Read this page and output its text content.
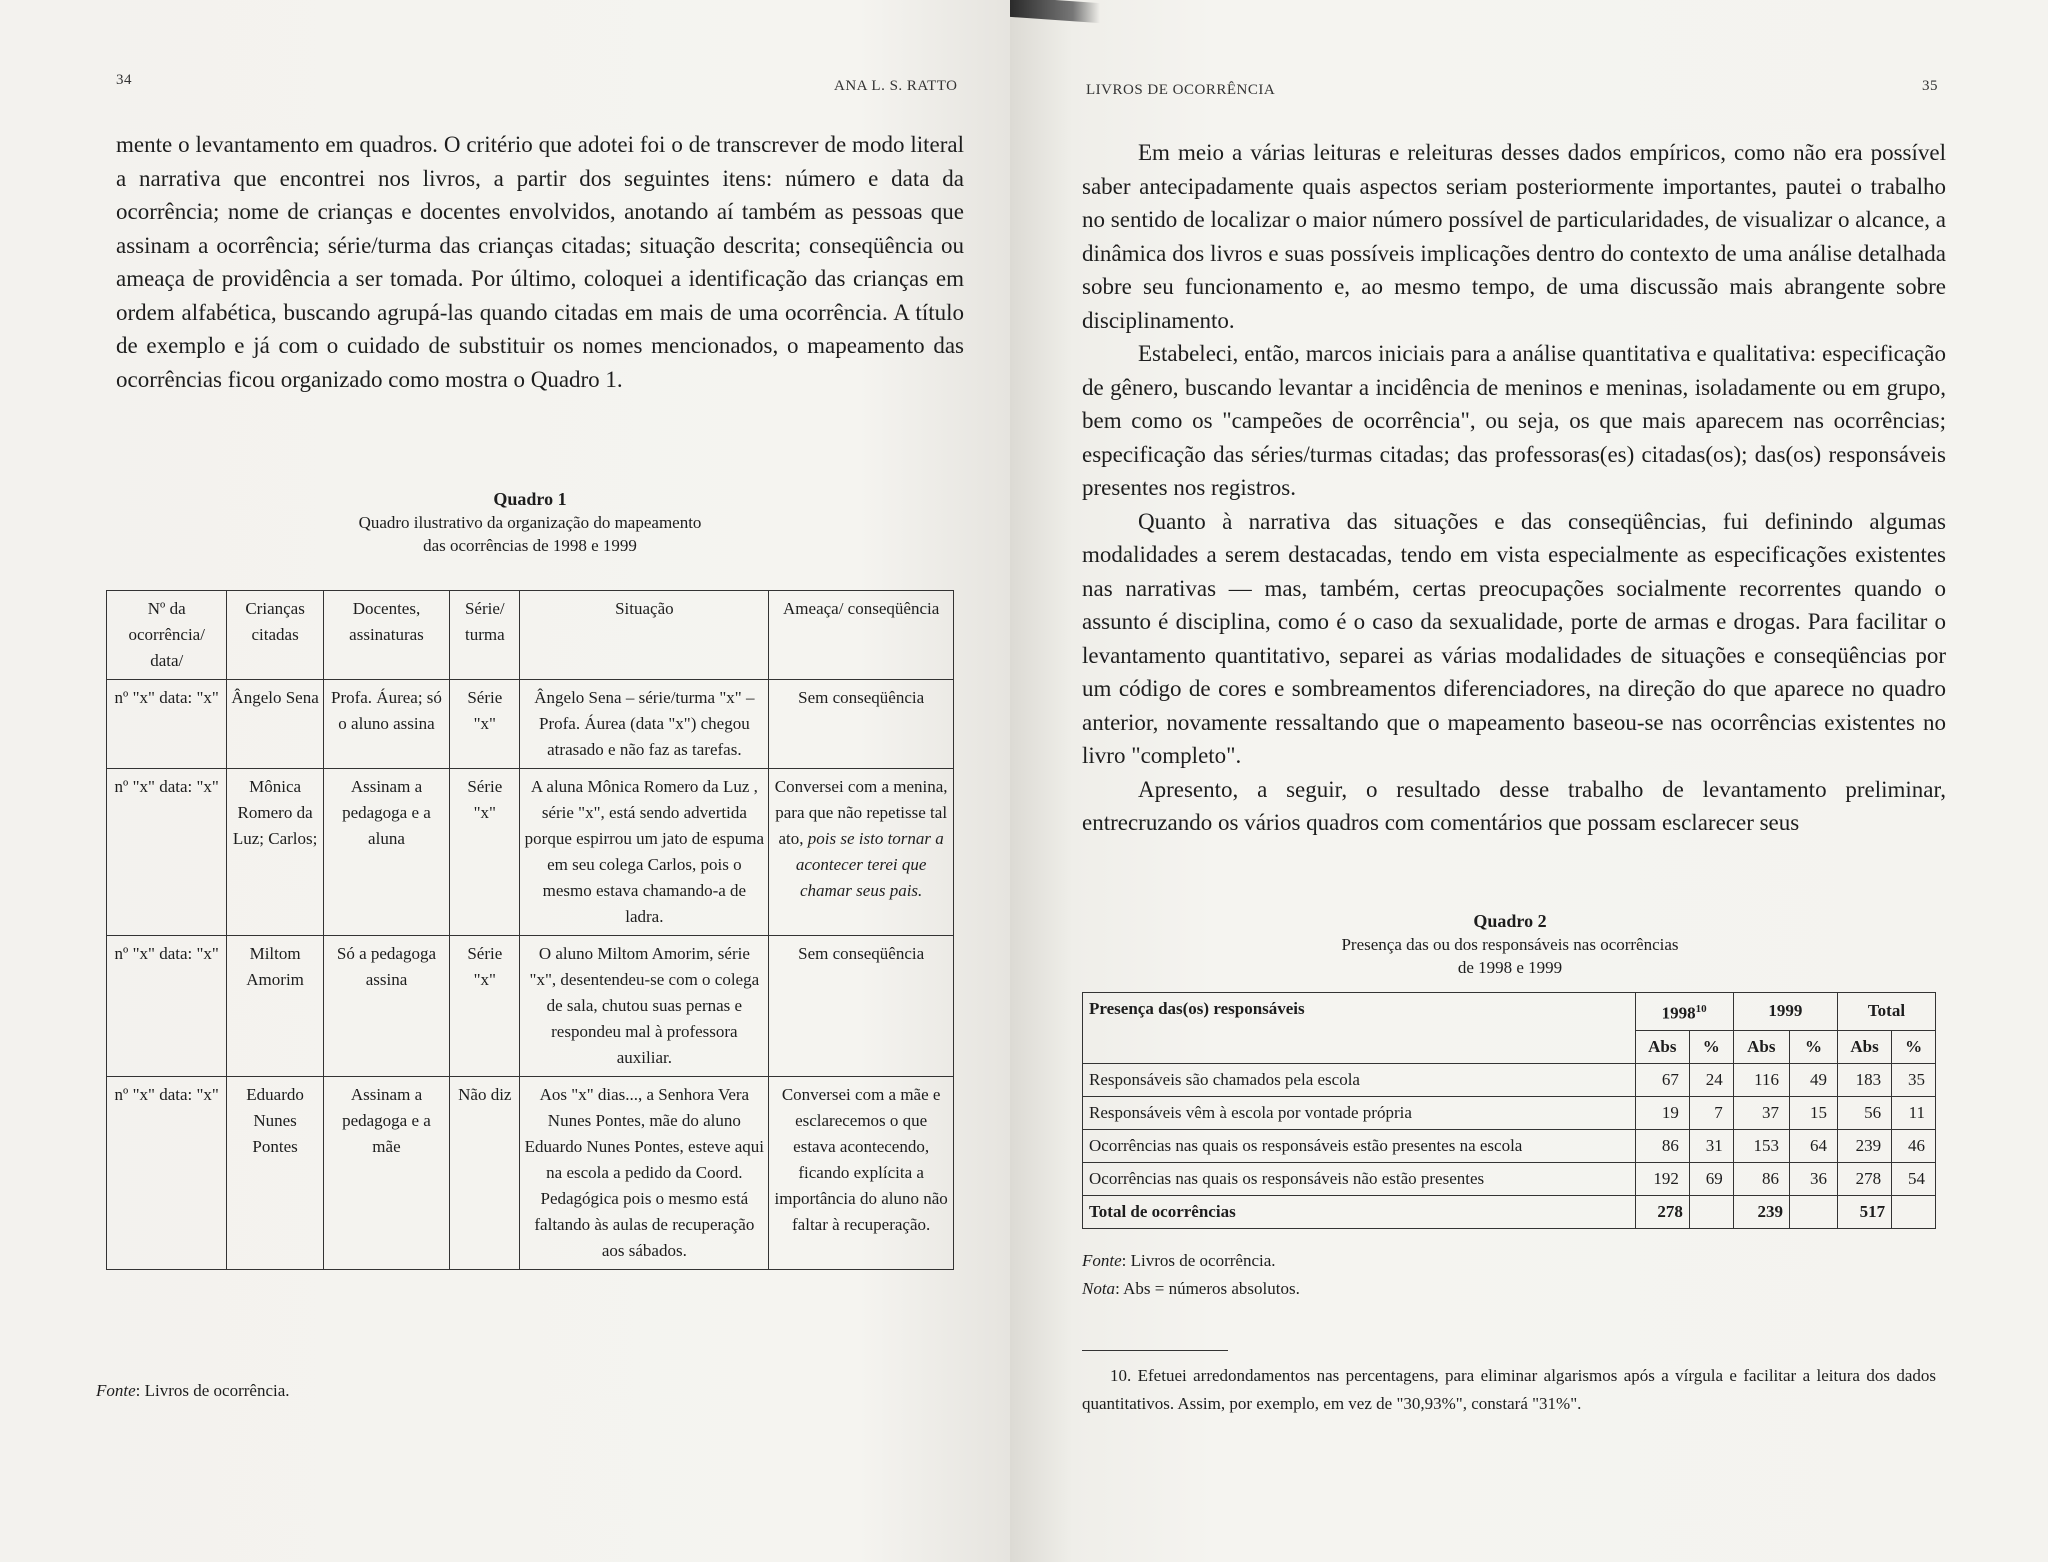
34	ANA L. S. RATTO

mente o levantamento em quadros. O critério que adotei foi o de transcrever de modo literal a narrativa que encontrei nos livros, a partir dos seguintes itens: número e data da ocorrência; nome de crianças e docentes envolvidos, anotando aí também as pessoas que assinam a ocorrência; série/turma das crianças citadas; situação descrita; conseqüência ou ameaça de providência a ser tomada. Por último, coloquei a identificação das crianças em ordem alfabética, buscando agrupá-las quando citadas em mais de uma ocorrência. A título de exemplo e já com o cuidado de substituir os nomes mencionados, o mapeamento das ocorrências ficou organizado como mostra o Quadro 1.

Quadro 1
Quadro ilustrativo da organização do mapeamento
das ocorrências de 1998 e 1999
Nº da ocorrência/ data/	Crianças citadas	Docentes, assinaturas	Série/ turma	Situação	Ameaça/ conseqüência
nº "x" data: "x"	Ângelo Sena	Profa. Áurea; só o aluno assina	Série "x"	Ângelo Sena – série/turma "x" – Profa. Áurea (data "x") chegou atrasado e não faz as tarefas.	Sem conseqüência
nº "x" data: "x"	Mônica Romero da Luz; Carlos;	Assinam a pedagoga e a aluna	Série "x"	A aluna Mônica Romero da Luz , série "x", está sendo advertida porque espirrou um jato de espuma em seu colega Carlos, pois o mesmo estava chamando-a de ladra.	Conversei com a menina, para que não repetisse tal ato, pois se isto tornar a acontecer terei que chamar seus pais.
nº "x" data: "x"	Miltom Amorim	Só a pedagoga assina	Série "x"	O aluno Miltom Amorim, série "x", desentendeu-se com o colega de sala, chutou suas pernas e respondeu mal à professora auxiliar.	Sem conseqüência
nº "x" data: "x"	Eduardo Nunes Pontes	Assinam a pedagoga e a mãe	Não diz	Aos "x" dias..., a Senhora Vera Nunes Pontes, mãe do aluno Eduardo Nunes Pontes, esteve aqui na escola a pedido da Coord. Pedagógica pois o mesmo está faltando às aulas de recuperação aos sábados.	Conversei com a mãe e esclarecemos o que estava acontecendo, ficando explícita a importância do aluno não faltar à recuperação.
Fonte: Livros de ocorrência.
LIVROS DE OCORRÊNCIA	35

Em meio a várias leituras e releituras desses dados empíricos, como não era possível saber antecipadamente quais aspectos seriam posteriormente importantes, pautei o trabalho no sentido de localizar o maior número possível de particularidades, de visualizar o alcance, a dinâmica dos livros e suas possíveis implicações dentro do contexto de uma análise detalhada sobre seu funcionamento e, ao mesmo tempo, de uma discussão mais abrangente sobre disciplinamento.

Estabeleci, então, marcos iniciais para a análise quantitativa e qualitativa: especificação de gênero, buscando levantar a incidência de meninos e meninas, isoladamente ou em grupo, bem como os "campeões de ocorrência", ou seja, os que mais aparecem nas ocorrências; especificação das séries/turmas citadas; das professoras(es) citadas(os); das(os) responsáveis presentes nos registros.

Quanto à narrativa das situações e das conseqüências, fui definindo algumas modalidades a serem destacadas, tendo em vista especialmente as especificações existentes nas narrativas — mas, também, certas preocupações socialmente recorrentes quando o assunto é disciplina, como é o caso da sexualidade, porte de armas e drogas. Para facilitar o levantamento quantitativo, separei as várias modalidades de situações e conseqüências por um código de cores e sombreamentos diferenciadores, na direção do que aparece no quadro anterior, novamente ressaltando que o mapeamento baseou-se nas ocorrências existentes no livro "completo".

Apresento, a seguir, o resultado desse trabalho de levantamento preliminar, entrecruzando os vários quadros com comentários que possam esclarecer seus

Quadro 2
Presença das ou dos responsáveis nas ocorrências
de 1998 e 1999
Presença das(os) responsáveis	1998$^{10}$		1999		Total	
	Abs	%	Abs	%	Abs	%
Responsáveis são chamados pela escola	67	24	116	49	183	35
Responsáveis vêm à escola por vontade própria	19	7	37	15	56	11
Ocorrências nas quais os responsáveis estão presentes na escola	86	31	153	64	239	46
Ocorrências nas quais os responsáveis não estão presentes	192	69	86	36	278	54
Total de ocorrências	278		239		517	
Fonte: Livros de ocorrência.
Nota: Abs = números absolutos.
10. Efetuei arredondamentos nas percentagens, para eliminar algarismos após a vírgula e facilitar a leitura dos dados quantitativos. Assim, por exemplo, em vez de "30,93%", constará "31%".
